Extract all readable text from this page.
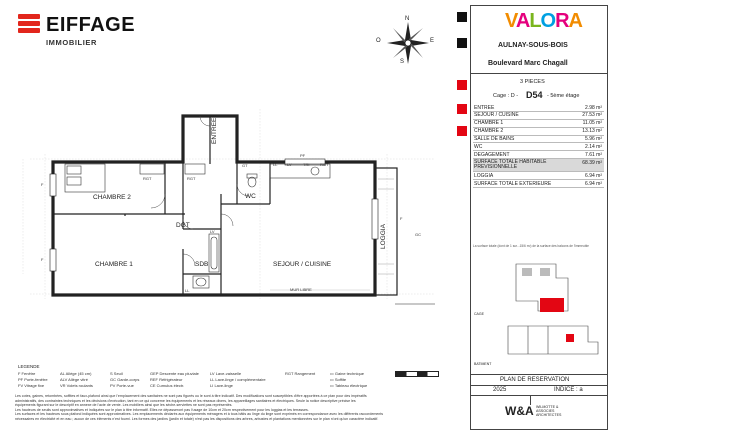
EIFFAGE
IMMOBILIER
N
S
E
O
CHAMBRE 2
CHAMBRE 1
ENTREE
DGT
SDB
WC
SEJOUR / CUISINE
LOGGIA
MUR LIBRE
RGT	RGT
LL LV	TRI	RGT
GT
LL
LV
F
F
F
PF
GC
VALORA
AULNAY-SOUS-BOIS
Boulevard Marc Chagall
3 PIECES
Cage : D - D54 - 5ème étage
ENTREE	2.98 m²
SEJOUR / CUISINE	27.53 m²
CHAMBRE 1	11.05 m²
CHAMBRE 2	13.13 m²
SALLE DE BAINS	5.96 m²
WC	2.14 m²
DEGAGEMENT	7.61 m²
SURFACE TOTALE HABITABLE PREVISIONNELLE
68.39 m²
LOGGIA	6.94 m²
SURFACE TOTALE EXTERIEURE	6.94 m²
La surface totale (dont de 1 sur...15/6 m²) de la surface des balcons de l'immeuble
CAGE
BATIMENT
PLAN DE RESERVATION
2025	INDICE : a
W&A WILMOTTE & ASSOCIES ARCHITECTES
LEGENDE
F Fenêtre	AL Allège (45 cm)	S Seuil	GEP Descente eau pluviale	LV Lave-vaisselle	RGT Rangement
PF Porte-fenêtre	ALV Allège vitré	GC Garde-corps	REF Réfrigérateur	LL Lave-linge / complémentaire
FV Vitrage fixe	VR Volets roulants	PV Porte-vue	CE Cumulus électr.	LI Lave-linge
▭ Gaine technique
▭ Soffite
▭ Tableau électrique
Les cotes, gaines, retombées, soffites et faux-plafond ainsi que l'emplacement des sanitaires ne sont pas figurés ou le sont à titre indicatif. Des modifications sont susceptibles d'être apportées à ce plan pour des impératifs
administratifs, des contraintes techniques et les décisions d'exécution, tant en ce qui concerne les équipements et les réseaux divers, les appareillages sanitaires et électriques. Seule la notice descriptive précise les
équipements figurant sur le descriptif en annexe de l'acte de vente. Les mobiliers ainsi que les sèche-serviettes ne sont pas représentés.
Les hauteurs de seuils sont approximatives et indiquées sur le plan à titre informatif. Elles ne dépasseront pas l'usage de 10cm et 20cm respectivement pour les loggias et les terrasses.
Les surfaces et les hauteurs sous plafond indiquées sont approximatives. Les emplacements déclarés aux équipements ménagers et à tous bâtis au linge du linge sont exprimés en correspondance avec les différents raccordements
nécessaires en électricité et en eau ; aucun de ces éléments n'est fourni. Les formes des jardins (jardin et totale) n'est pas les dispositions des arbres, arbustes et plantations mentionnées sur le plan n'ont qu'un caractère indicatif.
